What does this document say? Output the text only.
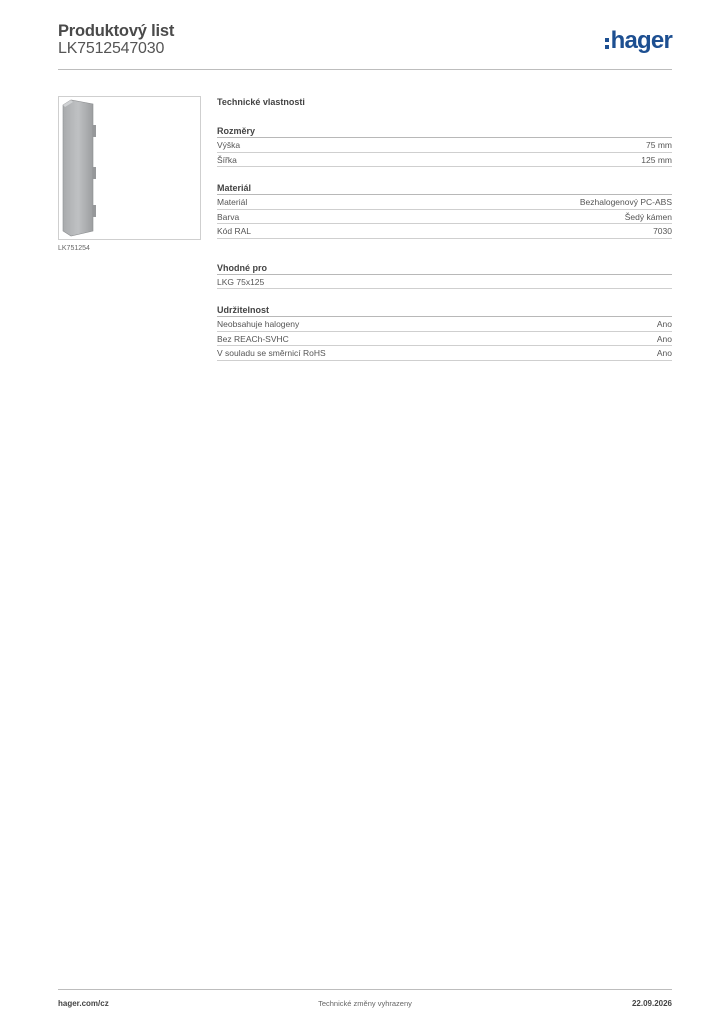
Produktový list
LK7512547030	hager
LK751254
Technické vlastnosti
Rozměry
Výška	75 mm
Šířka	125 mm
Materiál
Materiál	Bezhalogenový PC-ABS
Barva	Šedý kámen
Kód RAL	7030
Vhodné pro
LKG 75x125
Udržitelnost
Neobsahuje halogeny	Ano
Bez REACh-SVHC	Ano
V souladu se směrnicí RoHS	Ano
hager.com/cz	Technické změny vyhrazeny	22.09.2026
